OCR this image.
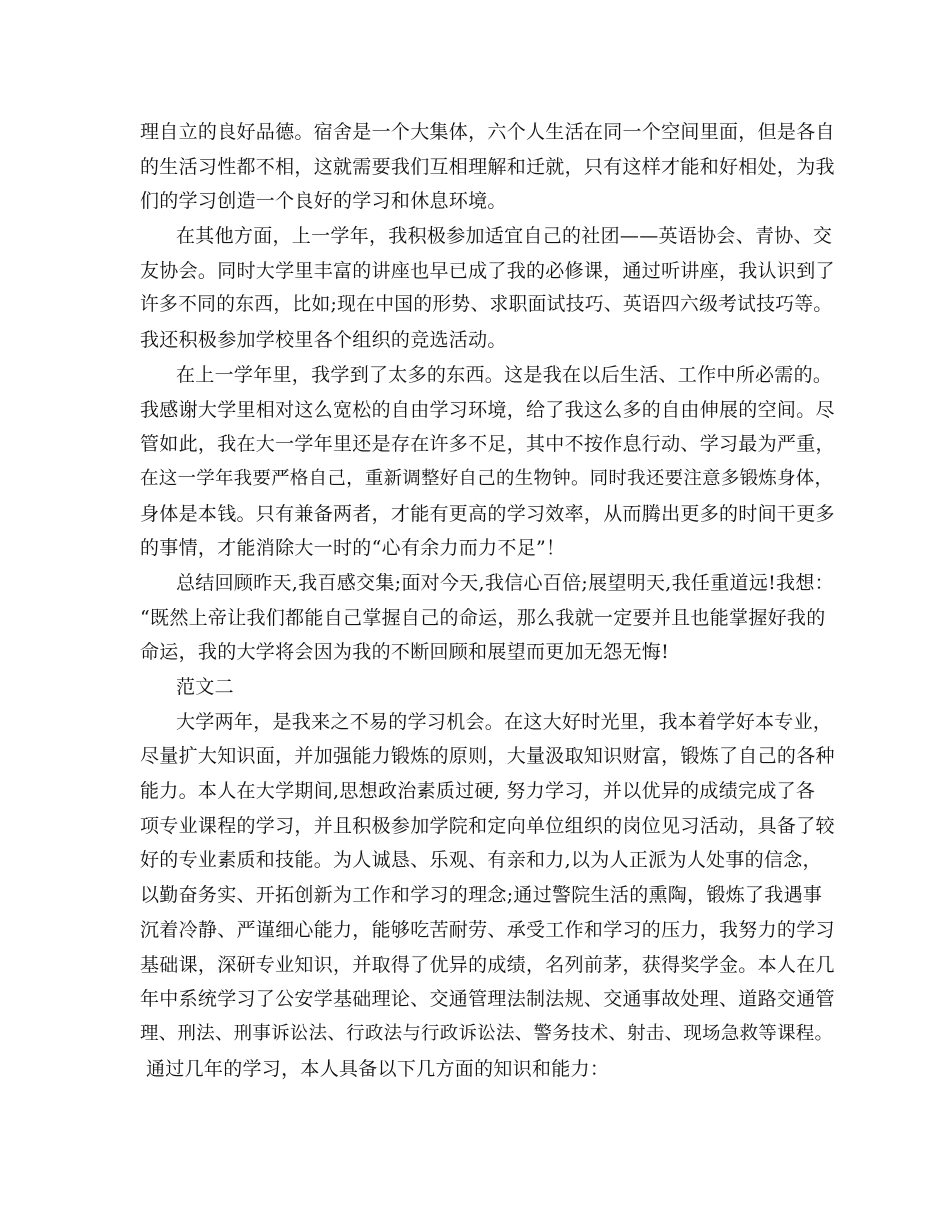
理自立的良好品德。宿舍是一个大集体，六个人生活在同一个空间里面，但是各自
的生活习性都不相，这就需要我们互相理解和迁就，只有这样才能和好相处，为我
们的学习创造一个良好的学习和休息环境。
在其他方面，上一学年，我积极参加适宜自己的社团——英语协会、青协、交
友协会。同时大学里丰富的讲座也早已成了我的必修课，通过听讲座，我认识到了
许多不同的东西，比如;现在中国的形势、求职面试技巧、英语四六级考试技巧等。
我还积极参加学校里各个组织的竞选活动。
在上一学年里，我学到了太多的东西。这是我在以后生活、工作中所必需的。
我感谢大学里相对这么宽松的自由学习环境，给了我这么多的自由伸展的空间。尽
管如此，我在大一学年里还是存在许多不足，其中不按作息行动、学习最为严重，
在这一学年我要严格自己，重新调整好自己的生物钟。同时我还要注意多锻炼身体，
身体是本钱。只有兼备两者，才能有更高的学习效率，从而腾出更多的时间干更多
的事情，才能消除大一时的“心有余力而力不足”！
总结回顾昨天,我百感交集;面对今天,我信心百倍;展望明天,我任重道远!我想：
“既然上帝让我们都能自己掌握自己的命运，那么我就一定要并且也能掌握好我的
命运，我的大学将会因为我的不断回顾和展望而更加无怨无悔!
范文二
大学两年，是我来之不易的学习机会。在这大好时光里，我本着学好本专业，
尽量扩大知识面，并加强能力锻炼的原则，大量汲取知识财富，锻炼了自己的各种
能力。本人在大学期间,思想政治素质过硬, 努力学习，并以优异的成绩完成了各
项专业课程的学习，并且积极参加学院和定向单位组织的岗位见习活动，具备了较
好的专业素质和技能。为人诚恳、乐观、有亲和力,以为人正派为人处事的信念，
以勤奋务实、开拓创新为工作和学习的理念;通过警院生活的熏陶，锻炼了我遇事
沉着冷静、严谨细心能力，能够吃苦耐劳、承受工作和学习的压力，我努力的学习
基础课，深研专业知识，并取得了优异的成绩，名列前茅，获得奖学金。本人在几
年中系统学习了公安学基础理论、交通管理法制法规、交通事故处理、道路交通管
理、刑法、刑事诉讼法、行政法与行政诉讼法、警务技术、射击、现场急救等课程。
通过几年的学习，本人具备以下几方面的知识和能力：
